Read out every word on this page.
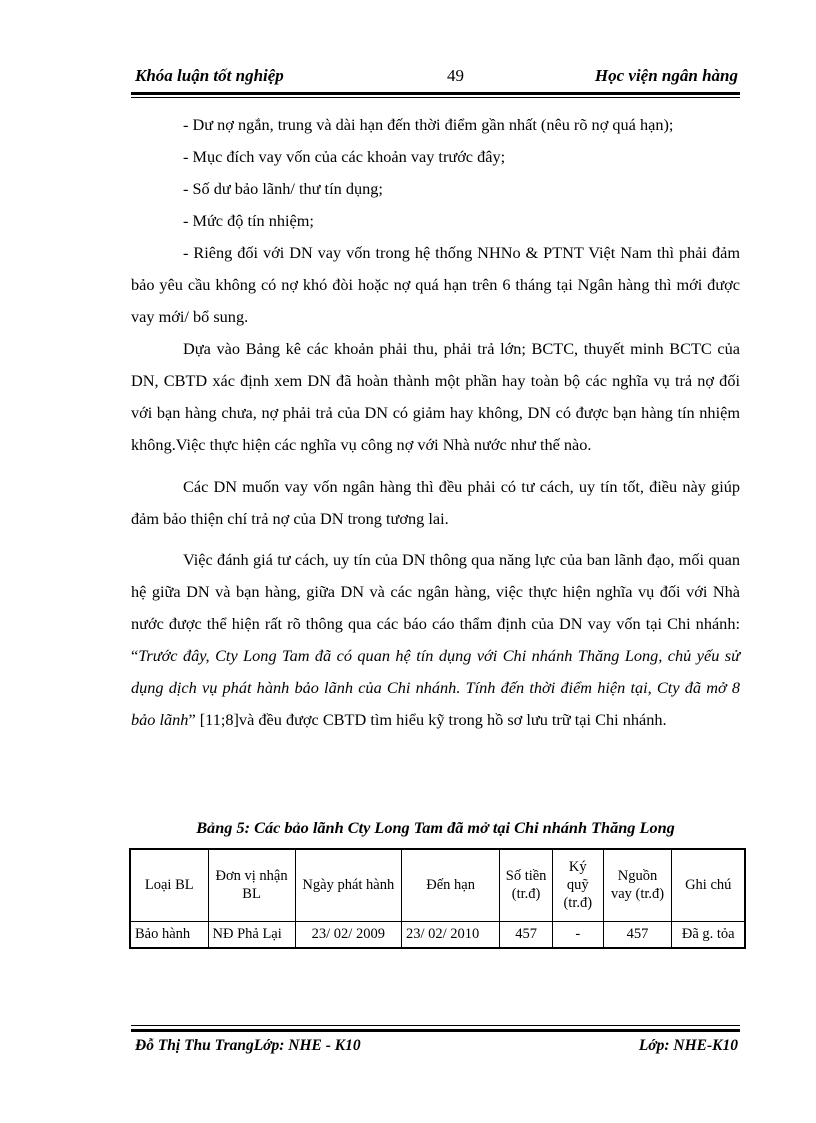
Khóa luận tốt nghiệp	49	Học viện ngân hàng

- Dư nợ ngắn, trung và dài hạn đến thời điểm gần nhất (nêu rõ nợ quá hạn);

- Mục đích vay vốn của các khoản vay trước đây;

- Số dư bảo lãnh/ thư tín dụng;

- Mức độ tín nhiệm;

- Riêng đối với DN vay vốn trong hệ thống NHNo & PTNT Việt Nam thì phải đảm bảo yêu cầu không có nợ khó đòi hoặc nợ quá hạn trên 6 tháng tại Ngân hàng thì mới được vay mới/ bổ sung.

Dựa vào Bảng kê các khoản phải thu, phải trả lớn; BCTC, thuyết minh BCTC của DN, CBTD xác định xem DN đã hoàn thành một phần hay toàn bộ các nghĩa vụ trả nợ đối với bạn hàng chưa, nợ phải trả của DN có giảm hay không, DN có được bạn hàng tín nhiệm không.Việc thực hiện các nghĩa vụ công nợ với Nhà nước như thế nào.

Các DN muốn vay vốn ngân hàng thì đều phải có tư cách, uy tín tốt, điều này giúp đảm bảo thiện chí trả nợ của DN trong tương lai.

Việc đánh giá tư cách, uy tín của DN thông qua năng lực của ban lãnh đạo, mối quan hệ giữa DN và bạn hàng, giữa DN và các ngân hàng, việc thực hiện nghĩa vụ đối với Nhà nước được thể hiện rất rõ thông qua các báo cáo thẩm định của DN vay vốn tại Chi nhánh: “Trước đây, Cty Long Tam đã có quan hệ tín dụng với Chi nhánh Thăng Long, chủ yếu sử dụng dịch vụ phát hành bảo lãnh của Chi nhánh. Tính đến thời điểm hiện tại, Cty đã mở 8 bảo lãnh” [11;8]và đều được CBTD tìm hiểu kỹ trong hồ sơ lưu trữ tại Chi nhánh.

Bảng 5: Các bảo lãnh Cty Long Tam đã mở tại Chi nhánh Thăng Long
Loại BL	Đơn vị nhận BL	Ngày phát hành	Đến hạn	Số tiền (tr.đ)	Ký quỹ (tr.đ)	Nguồn vay (tr.đ)	Ghi chú
Bảo hành	NĐ Phả Lại	23/ 02/ 2009	23/ 02/ 2010	457	-	457	Đã g. tỏa
Đỗ Thị Thu TrangLớp: NHE - K10	Lớp: NHE-K10
